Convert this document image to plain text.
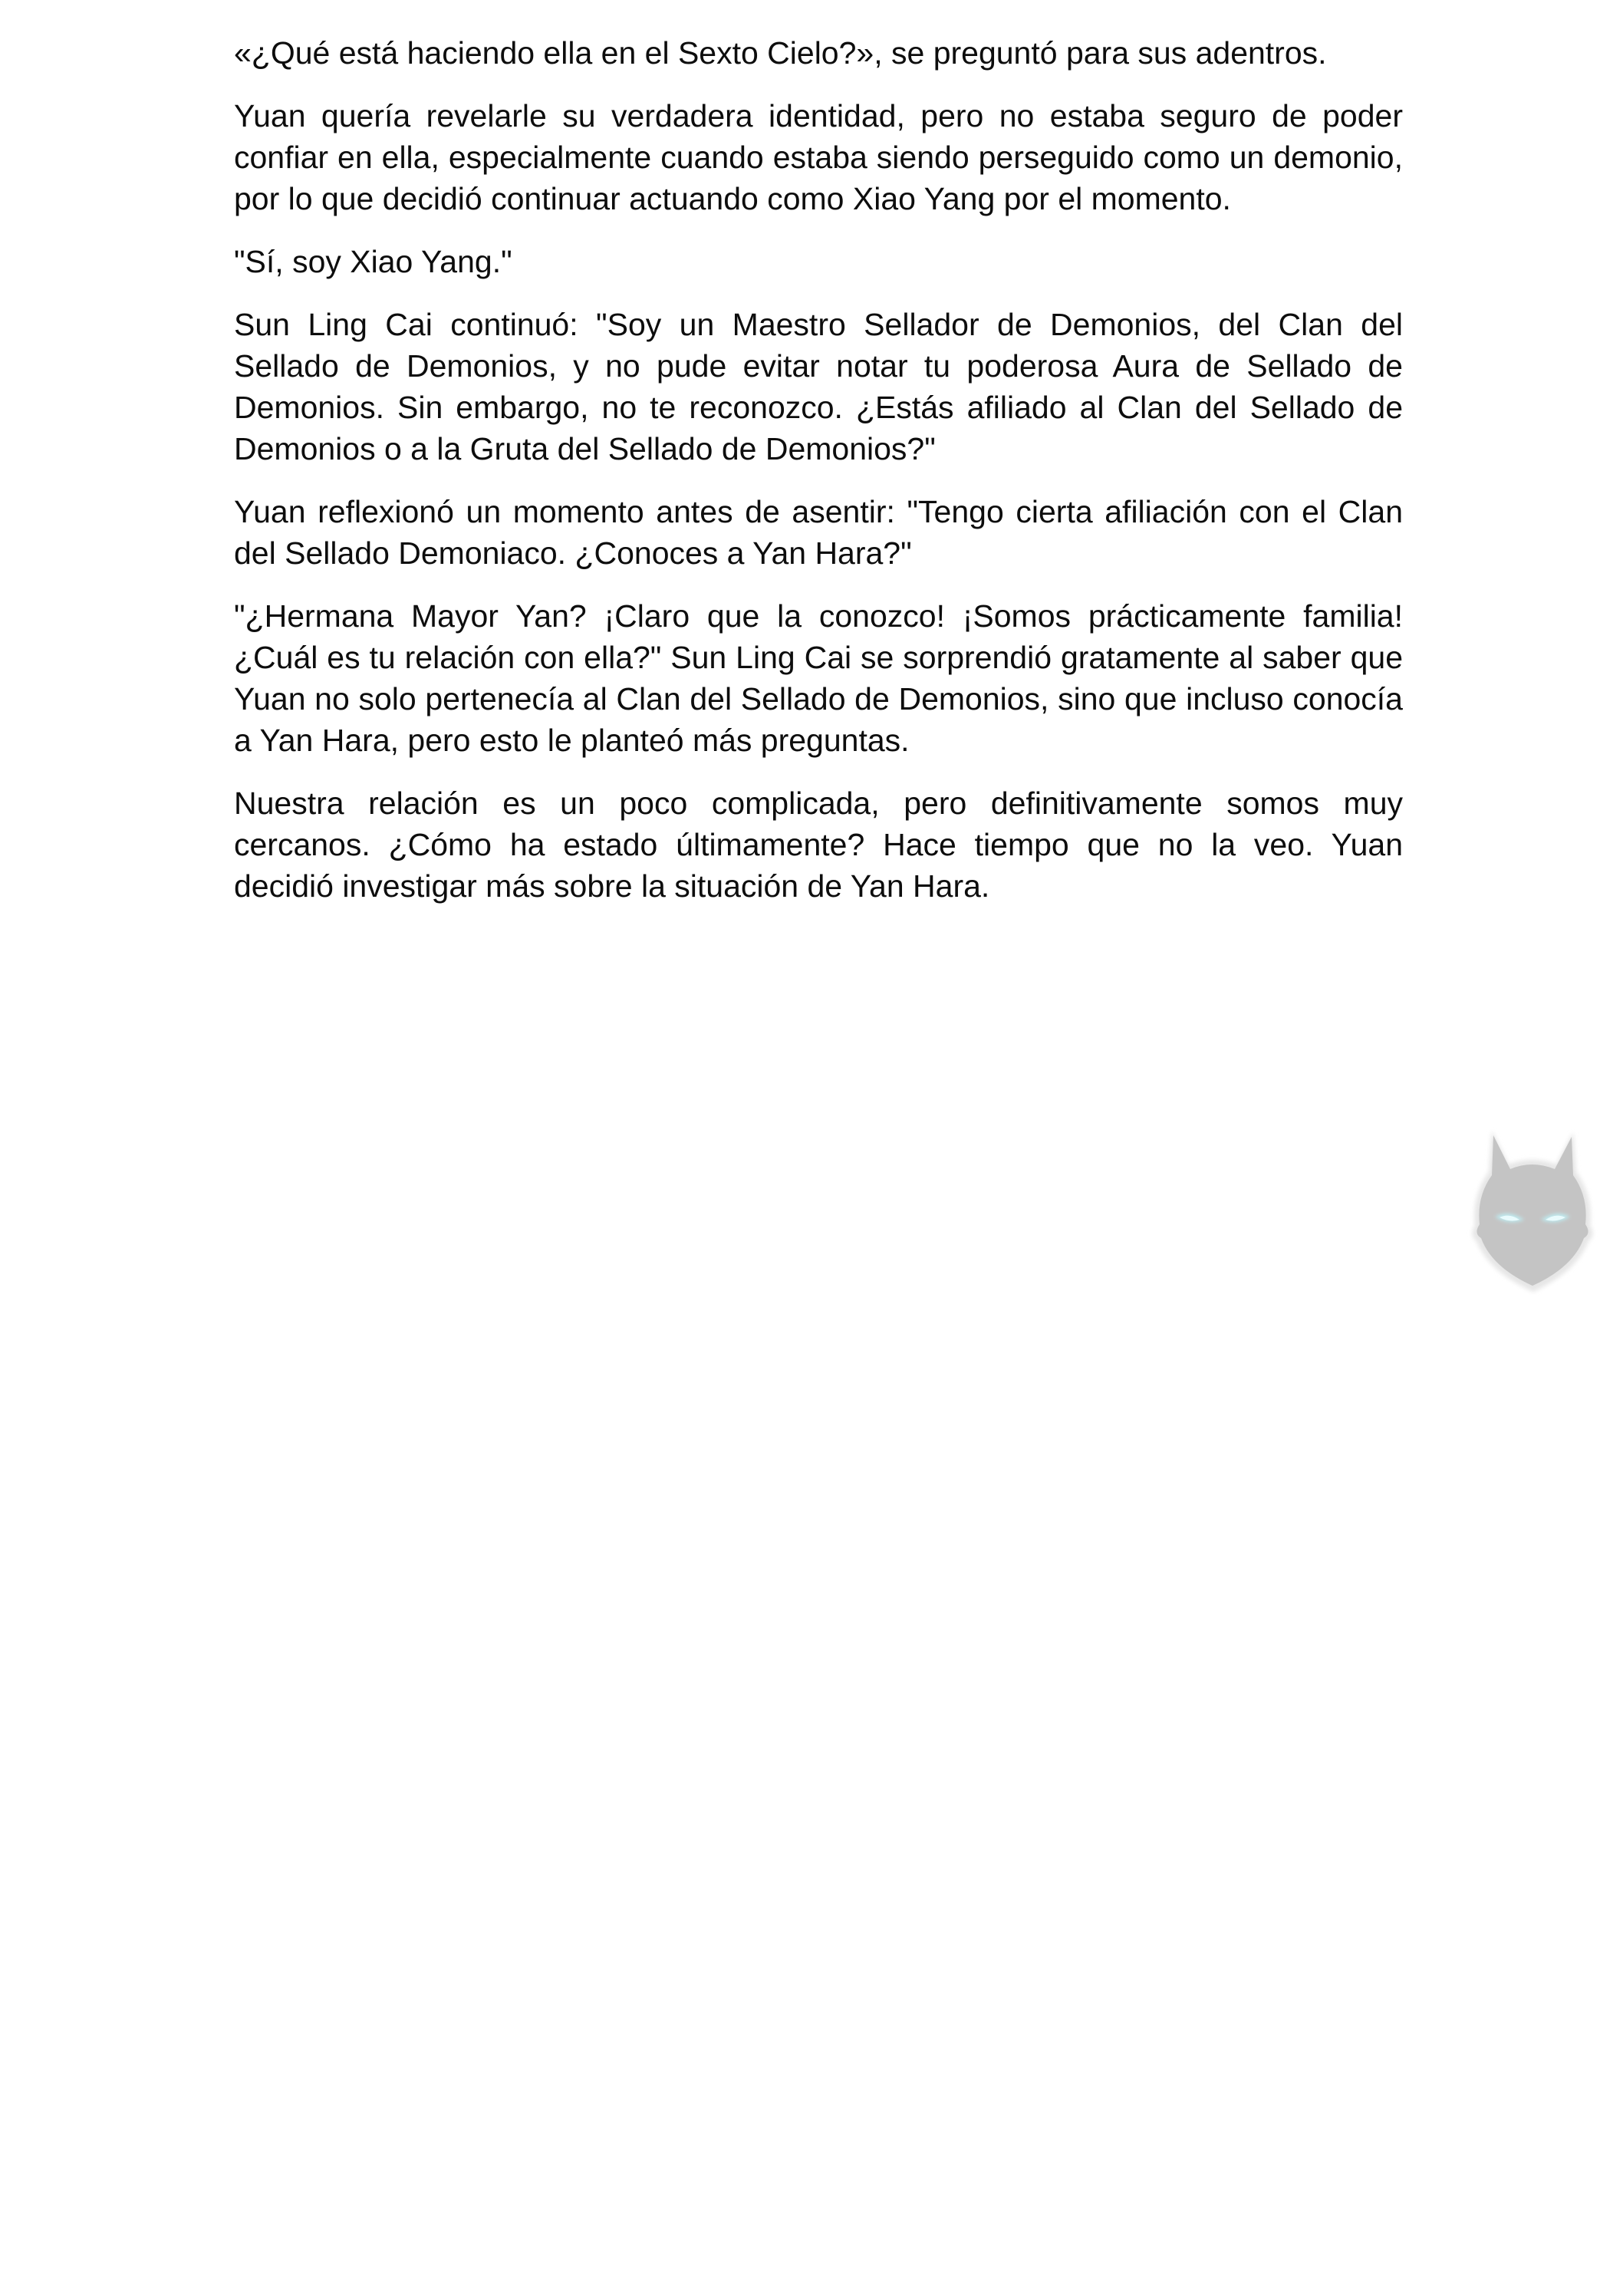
«¿Qué está haciendo ella en el Sexto Cielo?», se preguntó para sus adentros.

Yuan quería revelarle su verdadera identidad, pero no estaba seguro de poder confiar en ella, especialmente cuando estaba siendo perseguido como un demonio, por lo que decidió continuar actuando como Xiao Yang por el momento.

"Sí, soy Xiao Yang."

Sun Ling Cai continuó: "Soy un Maestro Sellador de Demonios, del Clan del Sellado de Demonios, y no pude evitar notar tu poderosa Aura de Sellado de Demonios. Sin embargo, no te reconozco. ¿Estás afiliado al Clan del Sellado de Demonios o a la Gruta del Sellado de Demonios?"

Yuan reflexionó un momento antes de asentir: "Tengo cierta afiliación con el Clan del Sellado Demoniaco. ¿Conoces a Yan Hara?"

"¿Hermana Mayor Yan? ¡Claro que la conozco! ¡Somos prácticamente familia! ¿Cuál es tu relación con ella?" Sun Ling Cai se sorprendió gratamente al saber que Yuan no solo pertenecía al Clan del Sellado de Demonios, sino que incluso conocía a Yan Hara, pero esto le planteó más preguntas.

Nuestra relación es un poco complicada, pero definitivamente somos muy cercanos. ¿Cómo ha estado últimamente? Hace tiempo que no la veo. Yuan decidió investigar más sobre la situación de Yan Hara.
